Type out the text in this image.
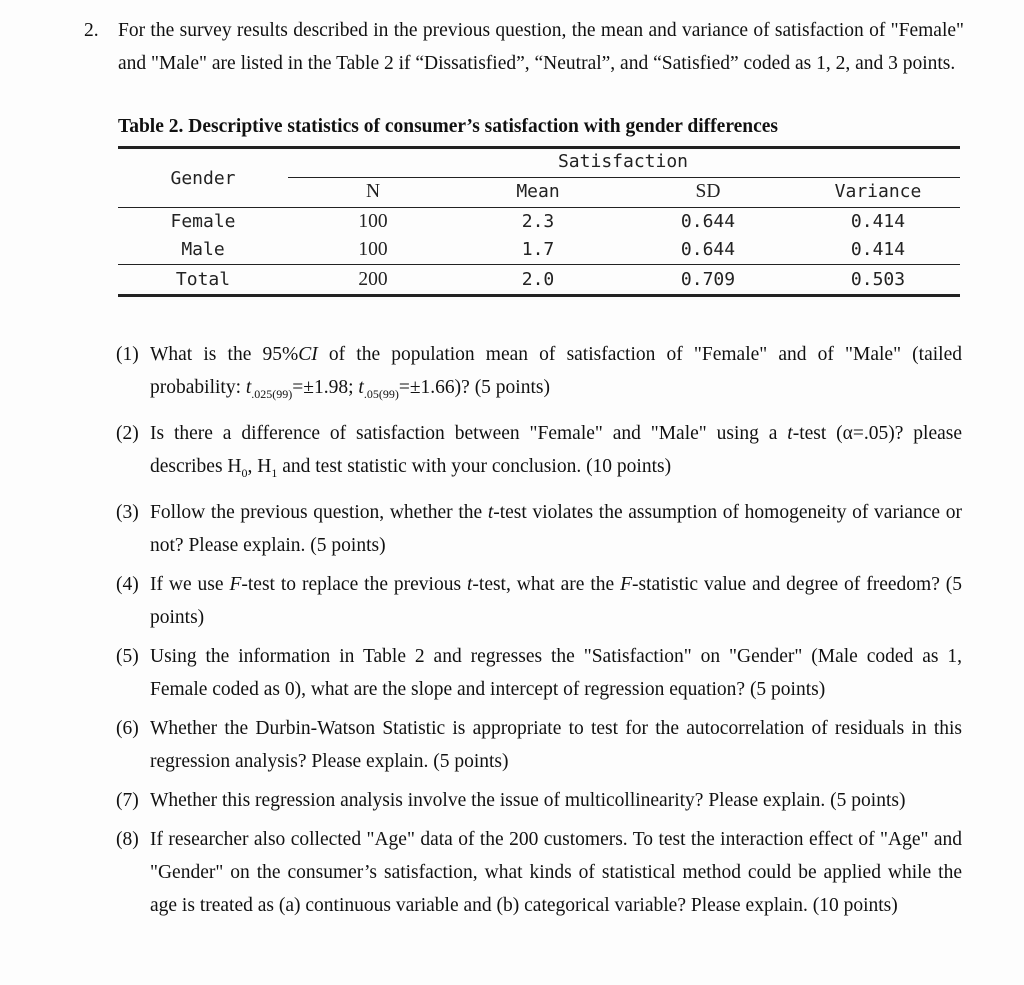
2. For the survey results described in the previous question, the mean and variance of satisfaction of "Female" and "Male" are listed in the Table 2 if “Dissatisfied”, “Neutral”, and “Satisfied” coded as 1, 2, and 3 points.
Table 2. Descriptive statistics of consumer’s satisfaction with gender differences
Gender
Satisfaction
N	Mean	SD	Variance
Female	100	2.3	0.644	0.414
Male	100	1.7	0.644	0.414
Total	200	2.0	0.709	0.503
(1) What is the 95%CI of the population mean of satisfaction of "Female" and of "Male" (tailed probability: $t_{.025(99)}=\pm 1.98$; $t_{.05(99)}=\pm 1.66$)? (5 points)
(2) Is there a difference of satisfaction between "Female" and "Male" using a t-test (α=.05)? please describes $H_0$, $H_1$ and test statistic with your conclusion. (10 points)
(3) Follow the previous question, whether the t-test violates the assumption of homogeneity of variance or not? Please explain. (5 points)
(4) If we use F-test to replace the previous t-test, what are the F-statistic value and degree of freedom? (5 points)
(5) Using the information in Table 2 and regresses the "Satisfaction" on "Gender" (Male coded as 1, Female coded as 0), what are the slope and intercept of regression equation? (5 points)
(6) Whether the Durbin-Watson Statistic is appropriate to test for the autocorrelation of residuals in this regression analysis? Please explain. (5 points)
(7) Whether this regression analysis involve the issue of multicollinearity? Please explain. (5 points)
(8) If researcher also collected "Age" data of the 200 customers. To test the interaction effect of "Age" and "Gender" on the consumer’s satisfaction, what kinds of statistical method could be applied while the age is treated as (a) continuous variable and (b) categorical variable? Please explain. (10 points)
